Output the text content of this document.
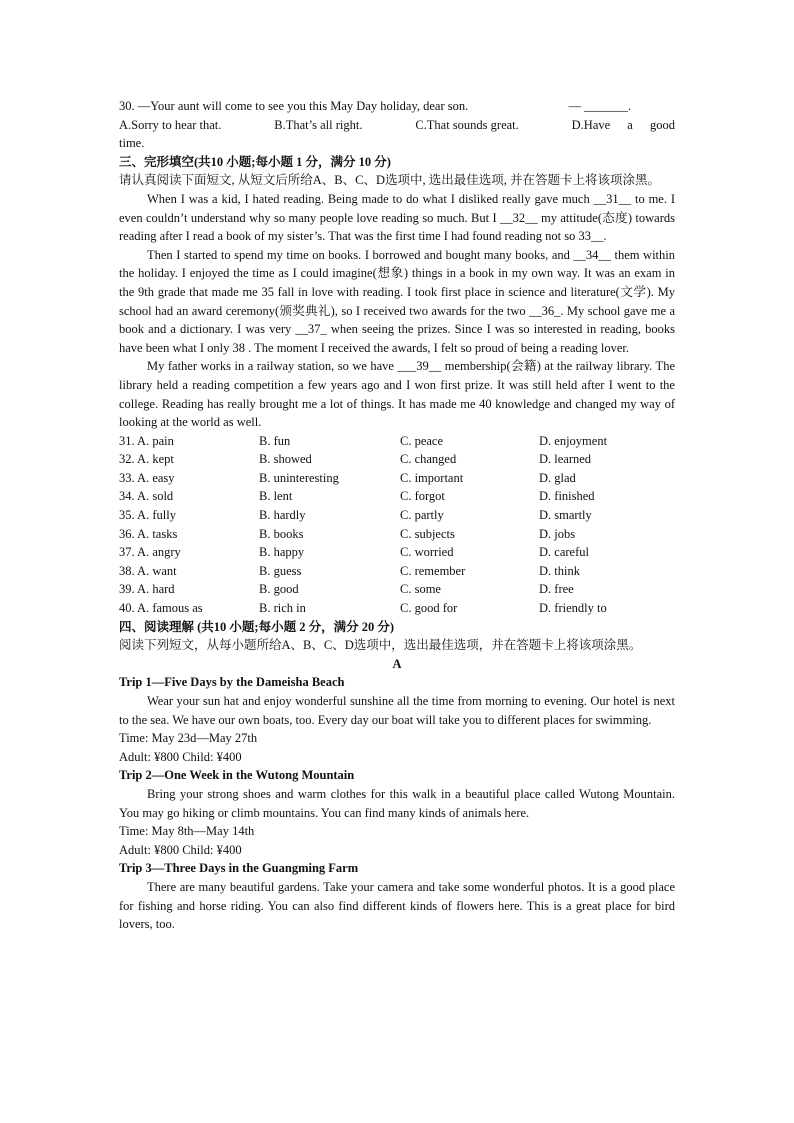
30. —Your aunt will come to see you this May Day holiday, dear son.	— _______.
A.Sorry to hear that.	B.That’s all right.	C.That sounds great.	D.Have a good

time.

三、完形填空(共10 小题;每小题 1 分，满分 10 分)

请认真阅读下面短文, 从短文后所给A、B、C、D选项中, 选出最佳选项, 并在答题卡上将该项涂黑。

When I was a kid, I hated reading. Being made to do what I disliked really gave much __31__ to me. I even couldn’t understand why so many people love reading so much. But I __32__ my attitude(态度) towards reading after I read a book of my sister’s. That was the first time I had found reading not so 33__.

Then I started to spend my time on books. I borrowed and bought many books, and __34__ them within the holiday. I enjoyed the time as I could imagine(想象) things in a book in my own way. It was an exam in the 9th grade that made me 35 fall in love with reading. I took first place in science and literature(文学). My school had an award ceremony(颁奖典礼), so I received two awards for the two __36_. My school gave me a book and a dictionary. I was very __37_ when seeing the prizes. Since I was so interested in reading, books have been what I only 38 . The moment I received the awards, I felt so proud of being a reading lover.

My father works in a railway station, so we have ___39__ membership(会籍) at the railway library. The library held a reading competition a few years ago and I won first prize. It was still held after I went to the college. Reading has really brought me a lot of things. It has made me 40 knowledge and changed my way of looking at the world as well.

31. A. pain	B. fun	C. peace	D. enjoyment
32. A. kept	B. showed	C. changed	D. learned
33. A. easy	B. uninteresting	C. important	D. glad
34. A. sold	B. lent	C. forgot	D. finished
35. A. fully	B. hardly	C. partly	D. smartly
36. A. tasks	B. books	C. subjects	D. jobs
37. A. angry	B. happy	C. worried	D. careful
38. A. want	B. guess	C. remember	D. think
39. A. hard	B. good	C. some	D. free
40. A. famous as	B. rich in	C. good for	D. friendly to

四、阅读理解 (共10 小题;每小题 2 分，满分 20 分)

阅读下列短文，从每小题所给A、B、C、D选项中，选出最佳选项，并在答题卡上将该项涂黑。

A

Trip 1—Five Days by the Dameisha Beach

Wear your sun hat and enjoy wonderful sunshine all the time from morning to evening. Our hotel is next to the sea. We have our own boats, too. Every day our boat will take you to different places for swimming.

Time: May 23d—May 27th

Adult: ¥800 Child: ¥400

Trip 2—One Week in the Wutong Mountain

Bring your strong shoes and warm clothes for this walk in a beautiful place called Wutong Mountain. You may go hiking or climb mountains. You can find many kinds of animals here.

Time: May 8th—May 14th

Adult: ¥800 Child: ¥400

Trip 3—Three Days in the Guangming Farm

There are many beautiful gardens. Take your camera and take some wonderful photos. It is a good place for fishing and horse riding. You can also find different kinds of flowers here. This is a great place for bird lovers, too.
